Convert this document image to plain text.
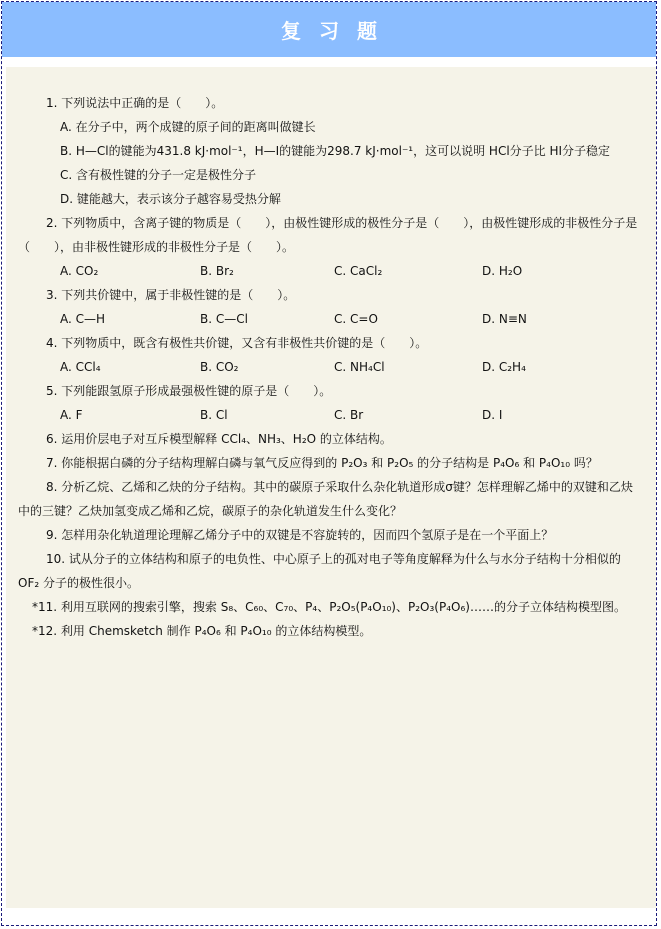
复习题

1. 下列说法中正确的是（　　）。

A. 在分子中，两个成键的原子间的距离叫做键长

B. H—Cl的键能为431.8 kJ·mol⁻¹，H—I的键能为298.7 kJ·mol⁻¹，这可以说明 HCl分子比 HI分子稳定

C. 含有极性键的分子一定是极性分子

D. 键能越大，表示该分子越容易受热分解

2. 下列物质中，含离子键的物质是（　　），由极性键形成的极性分子是（　　），由极性键形成的非极性分子是（　　），由非极性键形成的非极性分子是（　　）。

A. CO₂	B. Br₂	C. CaCl₂	D. H₂O

3. 下列共价键中，属于非极性键的是（　　）。

A. C—H	B. C—Cl	C. C=O	D. N≡N

4. 下列物质中，既含有极性共价键，又含有非极性共价键的是（　　）。

A. CCl₄	B. CO₂	C. NH₄Cl	D. C₂H₄

5. 下列能跟氢原子形成最强极性键的原子是（　　）。

A. F	B. Cl	C. Br	D. I

6. 运用价层电子对互斥模型解释 CCl₄、NH₃、H₂O 的立体结构。

7. 你能根据白磷的分子结构理解白磷与氧气反应得到的 P₂O₃ 和 P₂O₅ 的分子结构是 P₄O₆ 和 P₄O₁₀ 吗？

8. 分析乙烷、乙烯和乙炔的分子结构。其中的碳原子采取什么杂化轨道形成σ键？怎样理解乙烯中的双键和乙炔中的三键？乙炔加氢变成乙烯和乙烷，碳原子的杂化轨道发生什么变化？

9. 怎样用杂化轨道理论理解乙烯分子中的双键是不容旋转的，因而四个氢原子是在一个平面上？

10. 试从分子的立体结构和原子的电负性、中心原子上的孤对电子等角度解释为什么与水分子结构十分相似的 OF₂ 分子的极性很小。

*11. 利用互联网的搜索引擎，搜索 S₈、C₆₀、C₇₀、P₄、P₂O₅(P₄O₁₀)、P₂O₃(P₄O₆)……的分子立体结构模型图。

*12. 利用 Chemsketch 制作 P₄O₆ 和 P₄O₁₀ 的立体结构模型。
